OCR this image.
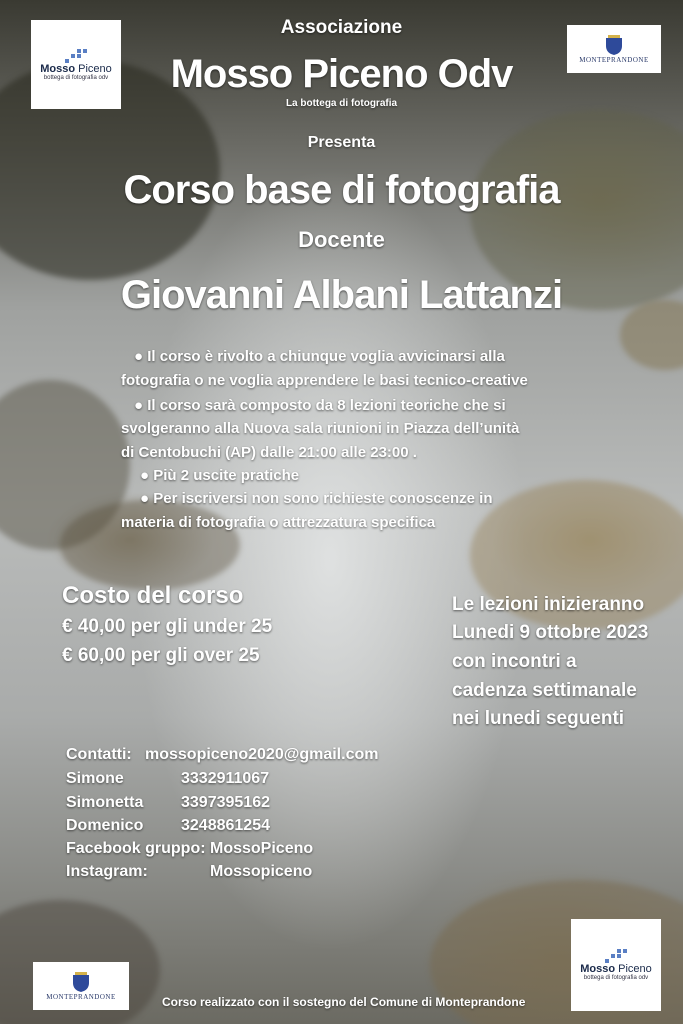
Mosso Piceno
bottega di fotografia odv
MONTEPRANDONE
MONTEPRANDONE
Mosso Piceno
bottega di fotografia odv
Associazione
Mosso Piceno Odv
La bottega di fotografia
Presenta
Corso base di fotografia
Docente
Giovanni Albani Lattanzi
● Il corso è rivolto a chiunque voglia avvicinarsi alla
fotografia o ne voglia apprendere le basi tecnico-creative
● Il corso sarà composto da 8 lezioni teoriche che si
svolgeranno alla Nuova sala riunioni in Piazza dell’unità
di Centobuchi (AP) dalle 21:00 alle 23:00 .
● Più 2 uscite pratiche
● Per iscriversi non sono richieste conoscenze in
materia di fotografia o attrezzatura specifica
Costo del corso
€ 40,00 per gli under 25
€ 60,00 per gli over 25
Le lezioni inizieranno
Lunedi 9 ottobre 2023
con incontri a
cadenza settimanale
nei lunedi seguenti
Contatti: mossopiceno2020@gmail.com
Simone	3332911067
Simonetta 3397395162
Domenico 3248861254
Facebook gruppo: MossoPiceno
Instagram:	Mossopiceno
Corso realizzato con il sostegno del Comune di Monteprandone
